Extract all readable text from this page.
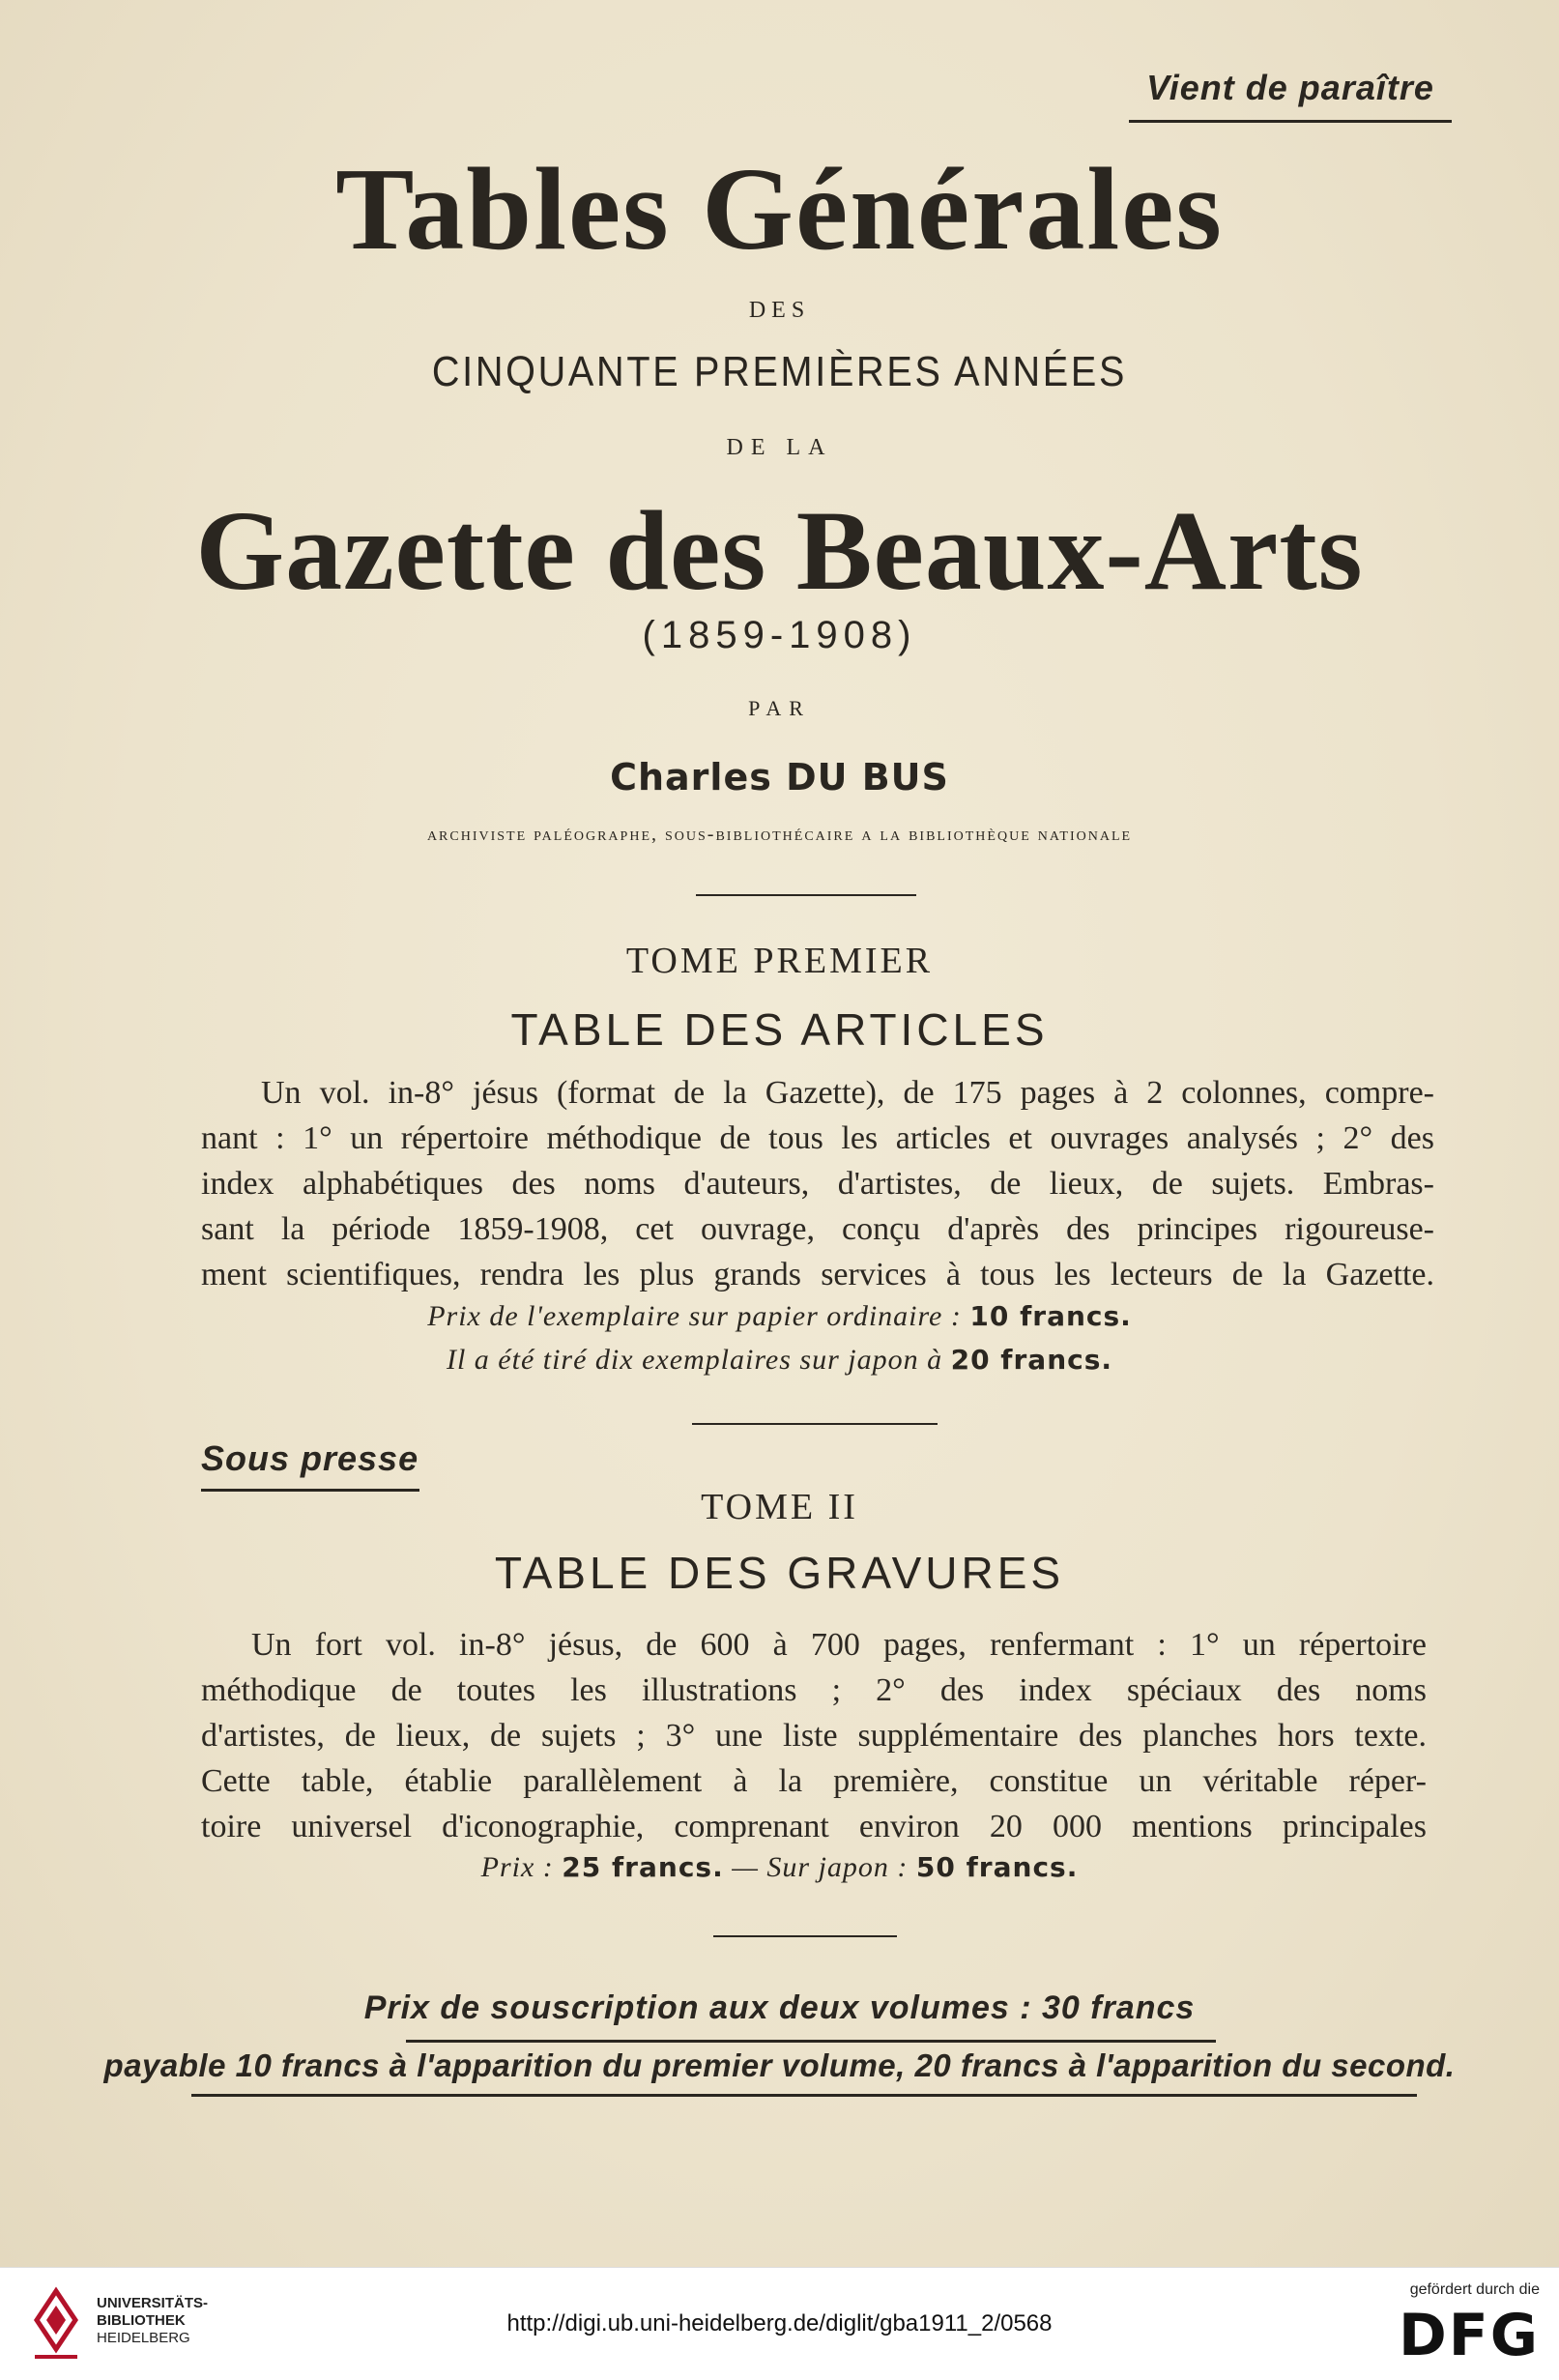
Vient de paraître
Tables Générales
DES
CINQUANTE PREMIÈRES ANNÉES
DE LA
Gazette des Beaux-Arts
(1859-1908)
PAR
Charles DU BUS
archiviste paléographe, sous-bibliothécaire a la bibliothèque nationale
TOME PREMIER
TABLE DES ARTICLES
Un vol. in-8° jésus (format de la Gazette), de 175 pages à 2 colonnes, compre-
nant : 1° un répertoire méthodique de tous les articles et ouvrages analysés ; 2° des
index alphabétiques des noms d'auteurs, d'artistes, de lieux, de sujets. Embras-
sant la période 1859-1908, cet ouvrage, conçu d'après des principes rigoureuse-
ment scientifiques, rendra les plus grands services à tous les lecteurs de la Gazette.
Prix de l'exemplaire sur papier ordinaire : 10 francs.
Il a été tiré dix exemplaires sur japon à 20 francs.
Sous presse
TOME II
TABLE DES GRAVURES
Un fort vol. in-8° jésus, de 600 à 700 pages, renfermant : 1° un répertoire
méthodique de toutes les illustrations ; 2° des index spéciaux des noms
d'artistes, de lieux, de sujets ; 3° une liste supplémentaire des planches hors texte.
Cette table, établie parallèlement à la première, constitue un véritable réper-
toire universel d'iconographie, comprenant environ 20 000 mentions principales
Prix : 25 francs. — Sur japon : 50 francs.
Prix de souscription aux deux volumes : 30 francs
payable 10 francs à l'apparition du premier volume, 20 francs à l'apparition du second.
UNIVERSITÄTS-
BIBLIOTHEK
HEIDELBERG
http://digi.ub.uni-heidelberg.de/diglit/gba1911_2/0568
gefördert durch die
DFG
